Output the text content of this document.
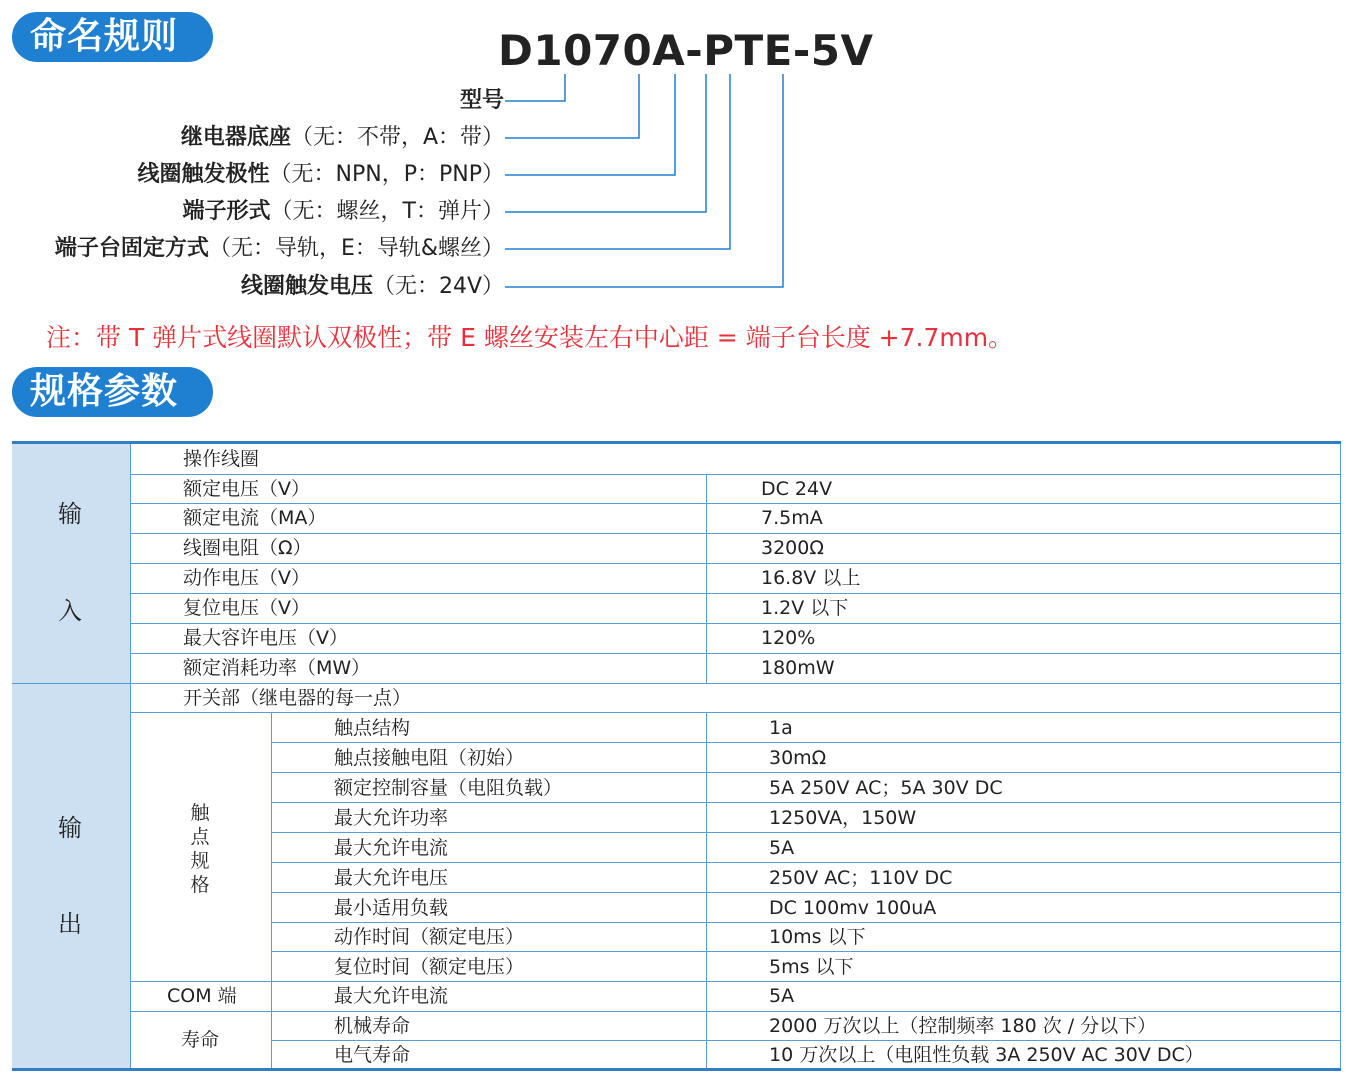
命名规则
规格参数
D1070A-PTE-5V
型号
继电器底座（无：不带，A：带）
线圈触发极性（无：NPN，P：PNP）
端子形式（无：螺丝，T：弹片）
端子台固定方式（无：导轨，E：导轨&螺丝）
线圈触发电压（无：24V）
注：带 T 弹片式线圈默认双极性；带 E 螺丝安装左右中心距 = 端子台长度 +7.7mm。
输
入
输
出
操作线圈
额定电压（V）	DC 24V
额定电流（MA）	7.5mA
线圈电阻（Ω）	3200Ω
动作电压（V）	16.8V 以上
复位电压（V）	1.2V 以下
最大容许电压（V）	120%
额定消耗功率（MW）	180mW
开关部（继电器的每一点）
触
点
规
格
触点结构	1a
触点接触电阻（初始）	30mΩ
额定控制容量（电阻负载）	5A 250V AC；5A 30V DC
最大允许功率	1250VA，150W
最大允许电流	5A
最大允许电压	250V AC；110V DC
最小适用负载	DC 100mv 100uA
动作时间（额定电压）	10ms 以下
复位时间（额定电压）	5ms 以下
COM 端	最大允许电流	5A
寿命
机械寿命	2000 万次以上（控制频率 180 次 / 分以下）
电气寿命	10 万次以上（电阻性负载 3A 250V AC 30V DC）
